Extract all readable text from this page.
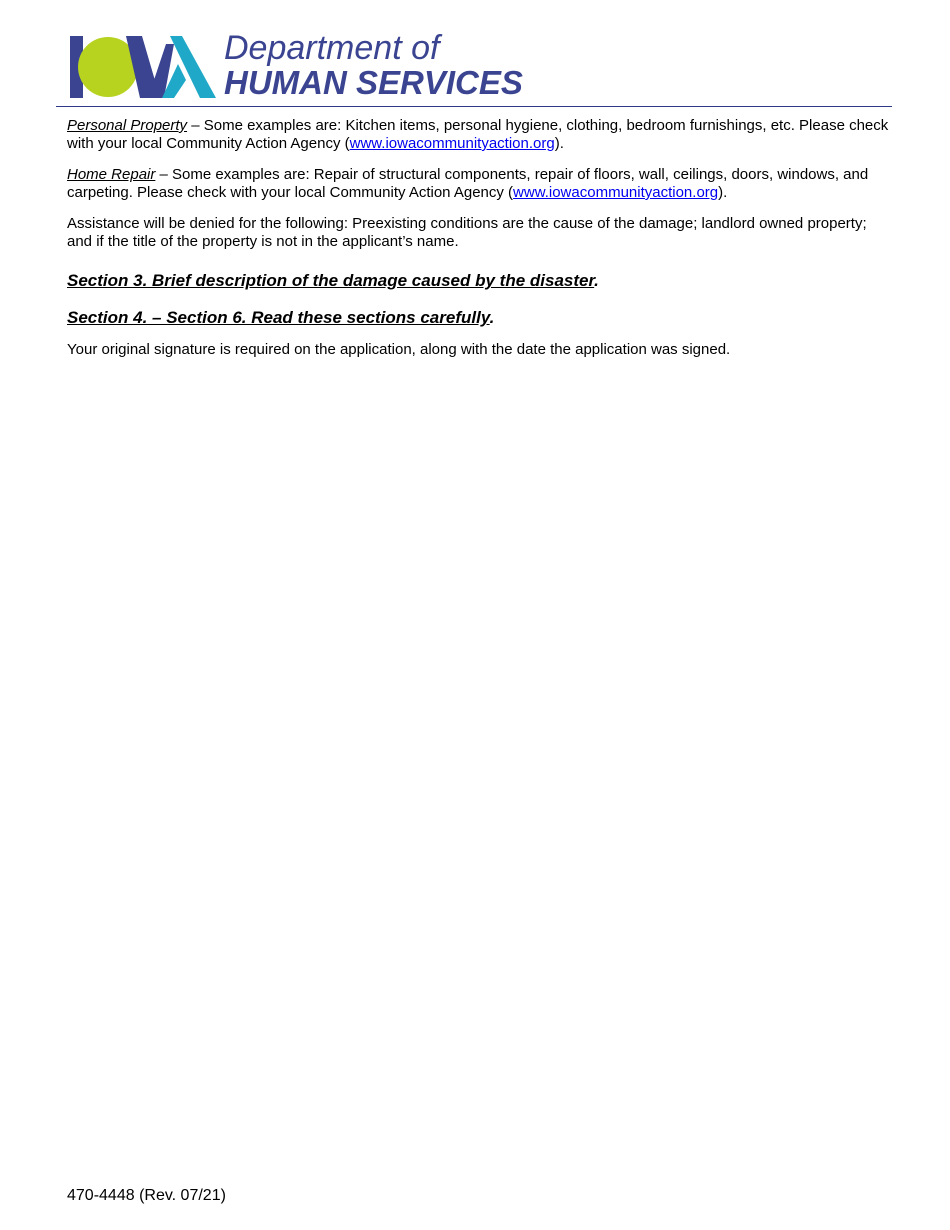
Department of
HUMAN SERVICES

Personal Property – Some examples are: Kitchen items, personal hygiene, clothing, bedroom furnishings, etc. Please check with your local Community Action Agency (www.iowacommunityaction.org).

Home Repair – Some examples are: Repair of structural components, repair of floors, wall, ceilings, doors, windows, and carpeting. Please check with your local Community Action Agency (www.iowacommunityaction.org).

Assistance will be denied for the following: Preexisting conditions are the cause of the damage; landlord owned property; and if the title of the property is not in the applicant’s name.

Section 3. Brief description of the damage caused by the disaster.

Section 4. – Section 6. Read these sections carefully.

Your original signature is required on the application, along with the date the application was signed.

470-4448 (Rev. 07/21)
